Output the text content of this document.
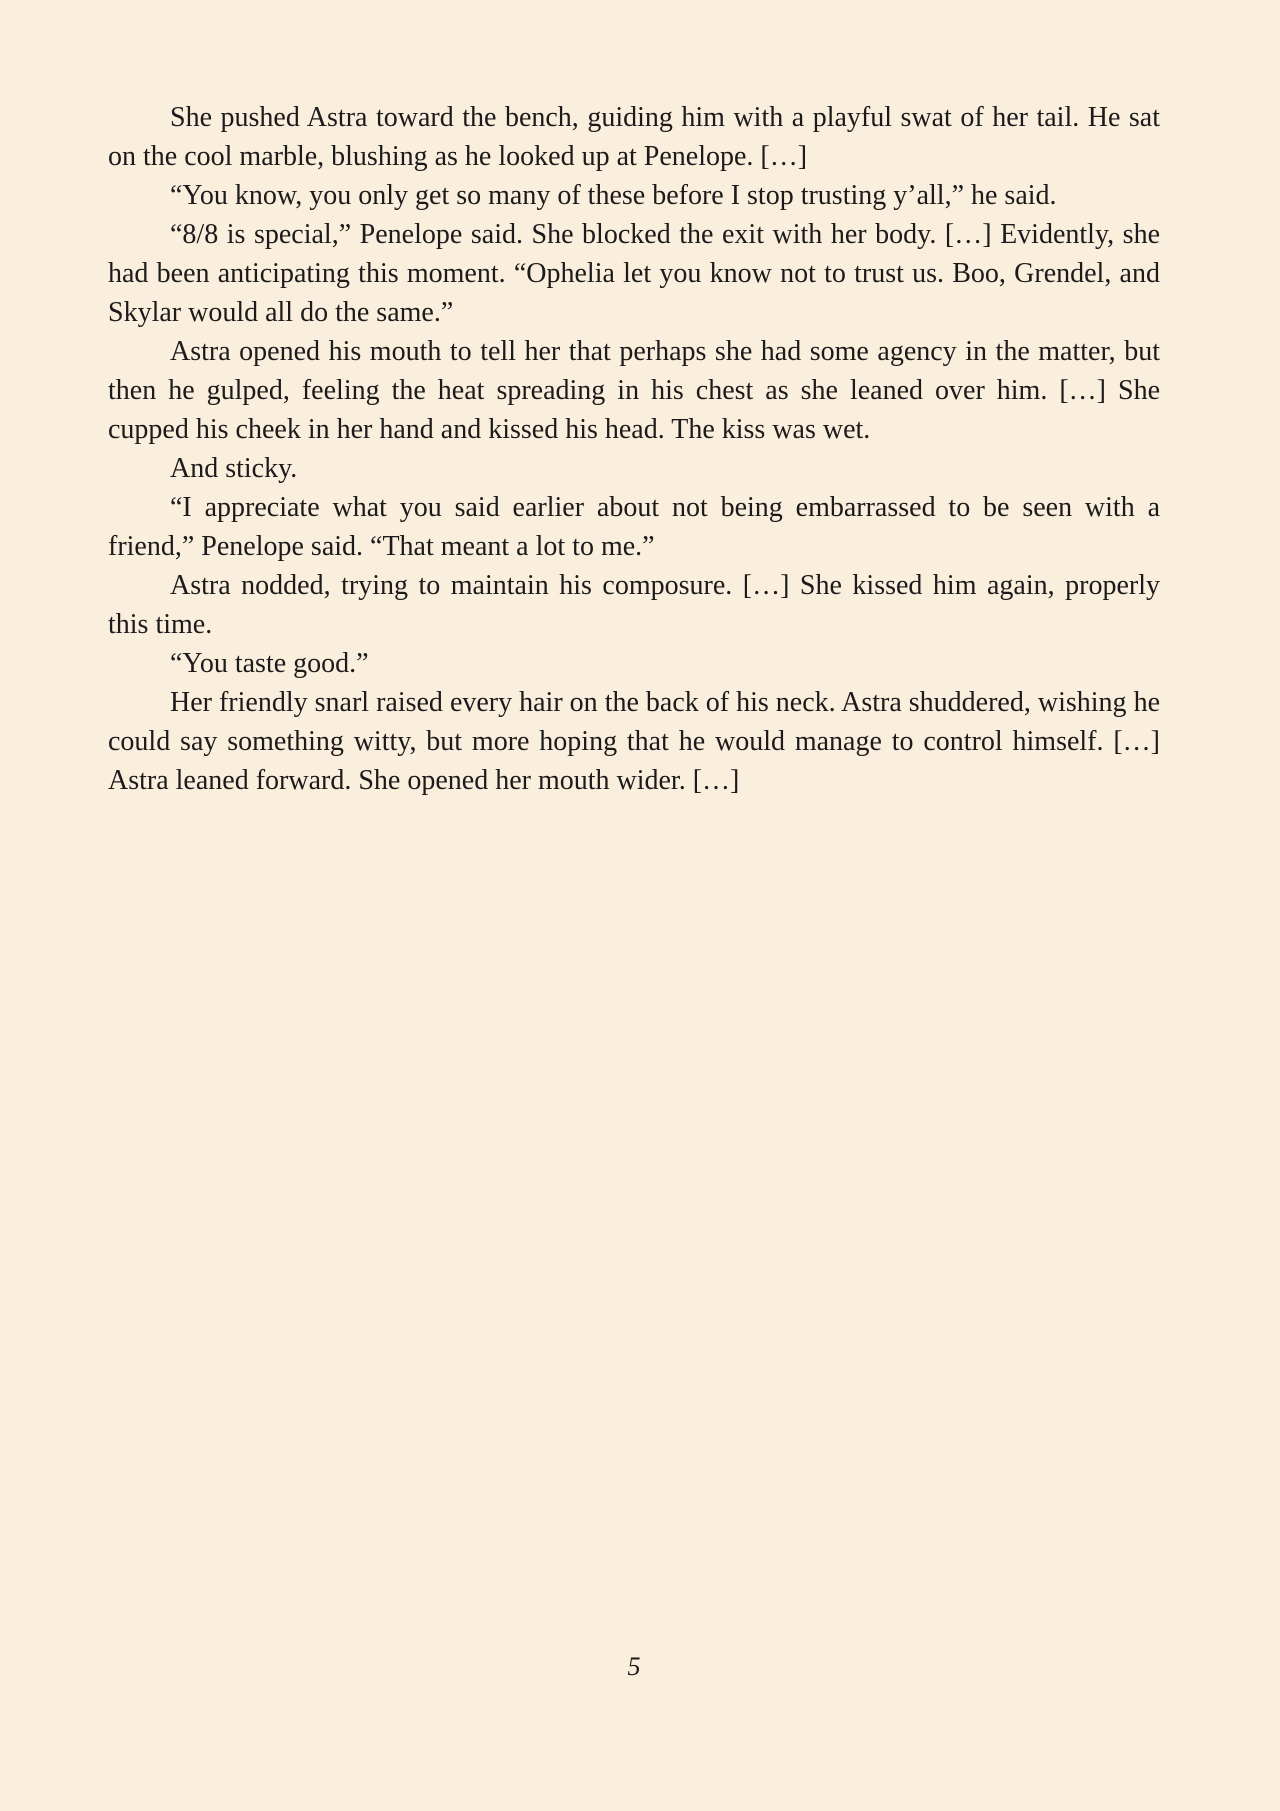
She pushed Astra toward the bench, guiding him with a playful swat of her tail. He sat on the cool marble, blushing as he looked up at Penelope. […]

“You know, you only get so many of these before I stop trusting y’all,” he said.

“8/8 is special,” Penelope said. She blocked the exit with her body. […] Evidently, she had been anticipating this moment. “Ophelia let you know not to trust us. Boo, Grendel, and Skylar would all do the same.”

Astra opened his mouth to tell her that perhaps she had some agency in the matter, but then he gulped, feeling the heat spreading in his chest as she leaned over him. […] She cupped his cheek in her hand and kissed his head. The kiss was wet.

And sticky.

“I appreciate what you said earlier about not being embarrassed to be seen with a friend,” Penelope said. “That meant a lot to me.”

Astra nodded, trying to maintain his composure. […] She kissed him again, properly this time.

“You taste good.”

Her friendly snarl raised every hair on the back of his neck. Astra shuddered, wishing he could say something witty, but more hoping that he would manage to control himself. […] Astra leaned forward. She opened her mouth wider. […]

5
